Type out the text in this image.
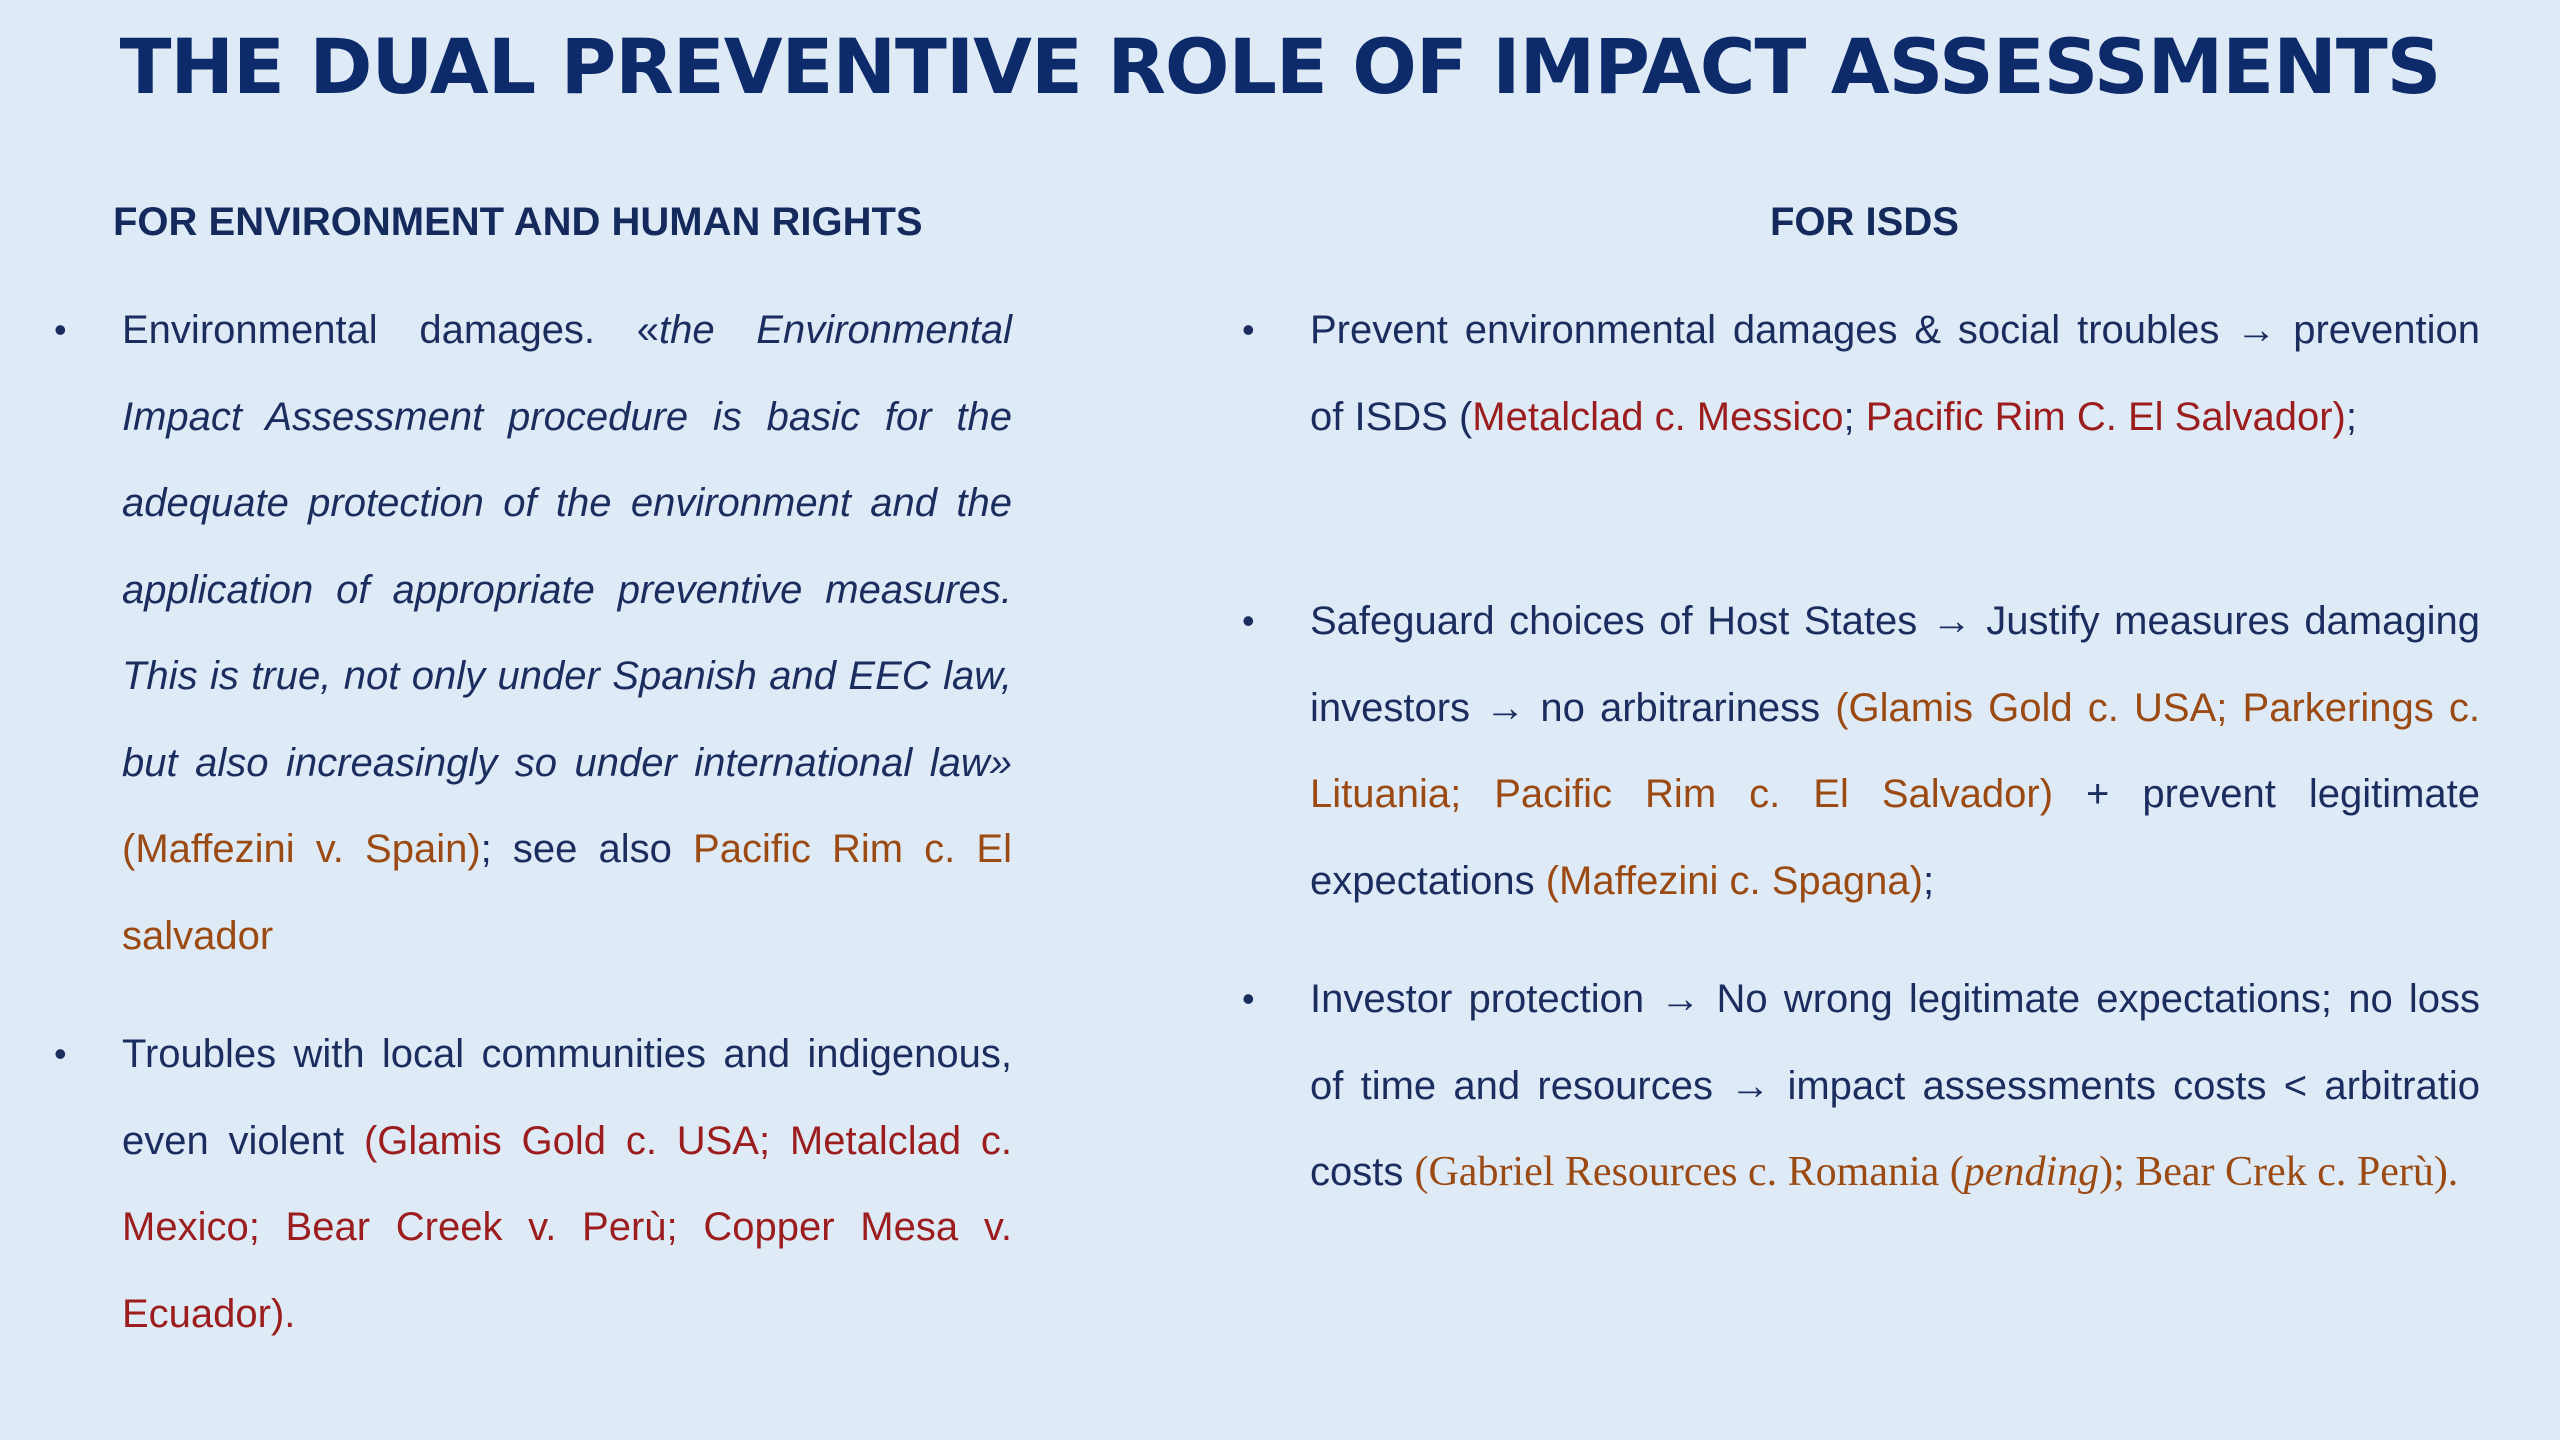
THE DUAL PREVENTIVE ROLE OF IMPACT ASSESSMENTS
FOR ENVIRONMENT AND HUMAN RIGHTS
• Environmental damages. «the Environmental Impact Assessment procedure is basic for the adequate protection of the environment and the application of appropriate preventive measures. This is true, not only under Spanish and EEC law, but also increasingly so under international law» (Maffezini v. Spain); see also Pacific Rim c. El salvador
• Troubles with local communities and indigenous, even violent (Glamis Gold c. USA; Metalclad c. Mexico; Bear Creek v. Perù; Copper Mesa v. Ecuador).
FOR ISDS
• Prevent environmental damages & social troubles → prevention of ISDS (Metalclad c. Messico; Pacific Rim C. El Salvador);
• Safeguard choices of Host States → Justify measures damaging investors → no arbitrariness (Glamis Gold c. USA; Parkerings c. Lituania; Pacific Rim c. El Salvador) + prevent legitimate expectations (Maffezini c. Spagna);
• Investor protection → No wrong legitimate expectations; no loss of time and resources → impact assessments costs < arbitratio costs (Gabriel Resources c. Romania (pending); Bear Crek c. Perù).
